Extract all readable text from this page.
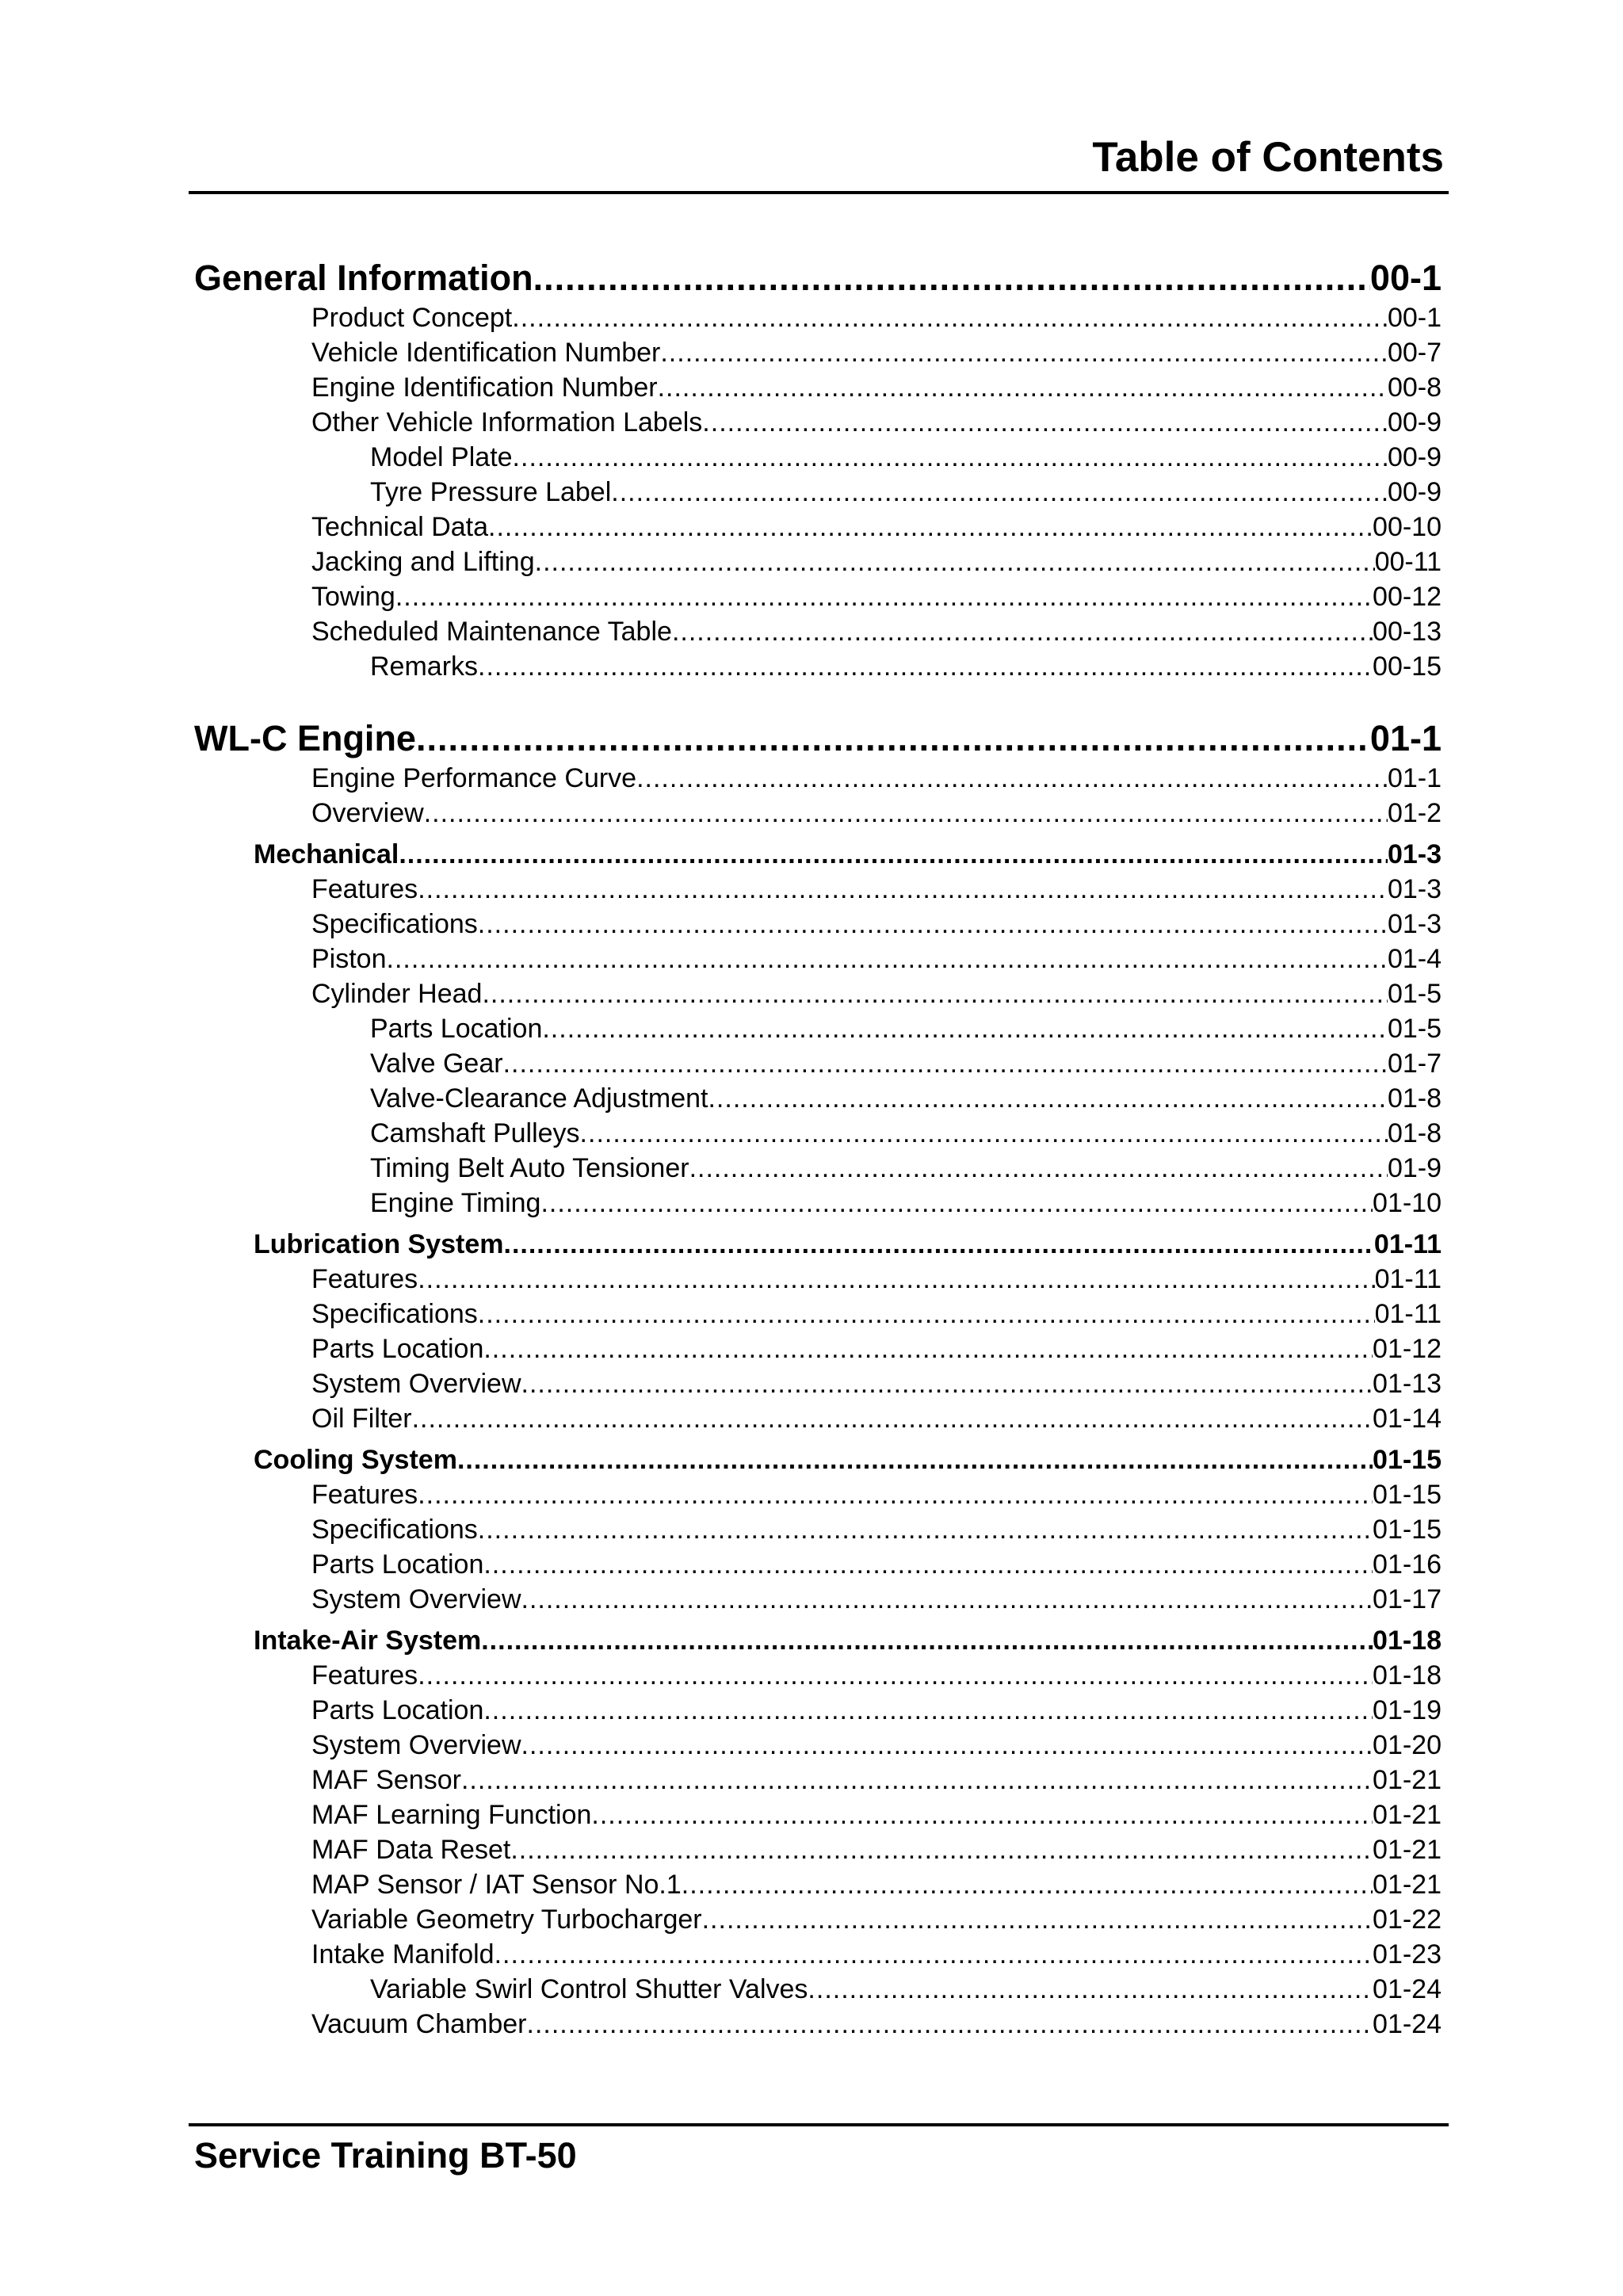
Table of Contents
General Information .....	00-1
Product Concept .....	00-1
Vehicle Identification Number .....	00-7
Engine Identification Number .....	00-8
Other Vehicle Information Labels .....	00-9
Model Plate .....	00-9
Tyre Pressure Label .....	00-9
Technical Data .....	00-10
Jacking and Lifting .....	00-11
Towing .....	00-12
Scheduled Maintenance Table .....	00-13
Remarks .....	00-15
WL-C Engine .....	01-1
Engine Performance Curve .....	01-1
Overview .....	01-2
Mechanical .....	01-3
Features .....	01-3
Specifications .....	01-3
Piston .....	01-4
Cylinder Head .....	01-5
Parts Location .....	01-5
Valve Gear .....	01-7
Valve-Clearance Adjustment .....	01-8
Camshaft Pulleys .....	01-8
Timing Belt Auto Tensioner .....	01-9
Engine Timing .....	01-10
Lubrication System .....	01-11
Features .....	01-11
Specifications .....	01-11
Parts Location .....	01-12
System Overview .....	01-13
Oil Filter .....	01-14
Cooling System .....	01-15
Features .....	01-15
Specifications .....	01-15
Parts Location .....	01-16
System Overview .....	01-17
Intake-Air System .....	01-18
Features .....	01-18
Parts Location .....	01-19
System Overview .....	01-20
MAF Sensor .....	01-21
MAF Learning Function .....	01-21
MAF Data Reset .....	01-21
MAP Sensor / IAT Sensor No.1 .....	01-21
Variable Geometry Turbocharger .....	01-22
Intake Manifold .....	01-23
Variable Swirl Control Shutter Valves .....	01-24
Vacuum Chamber .....	01-24
Service Training BT-50
